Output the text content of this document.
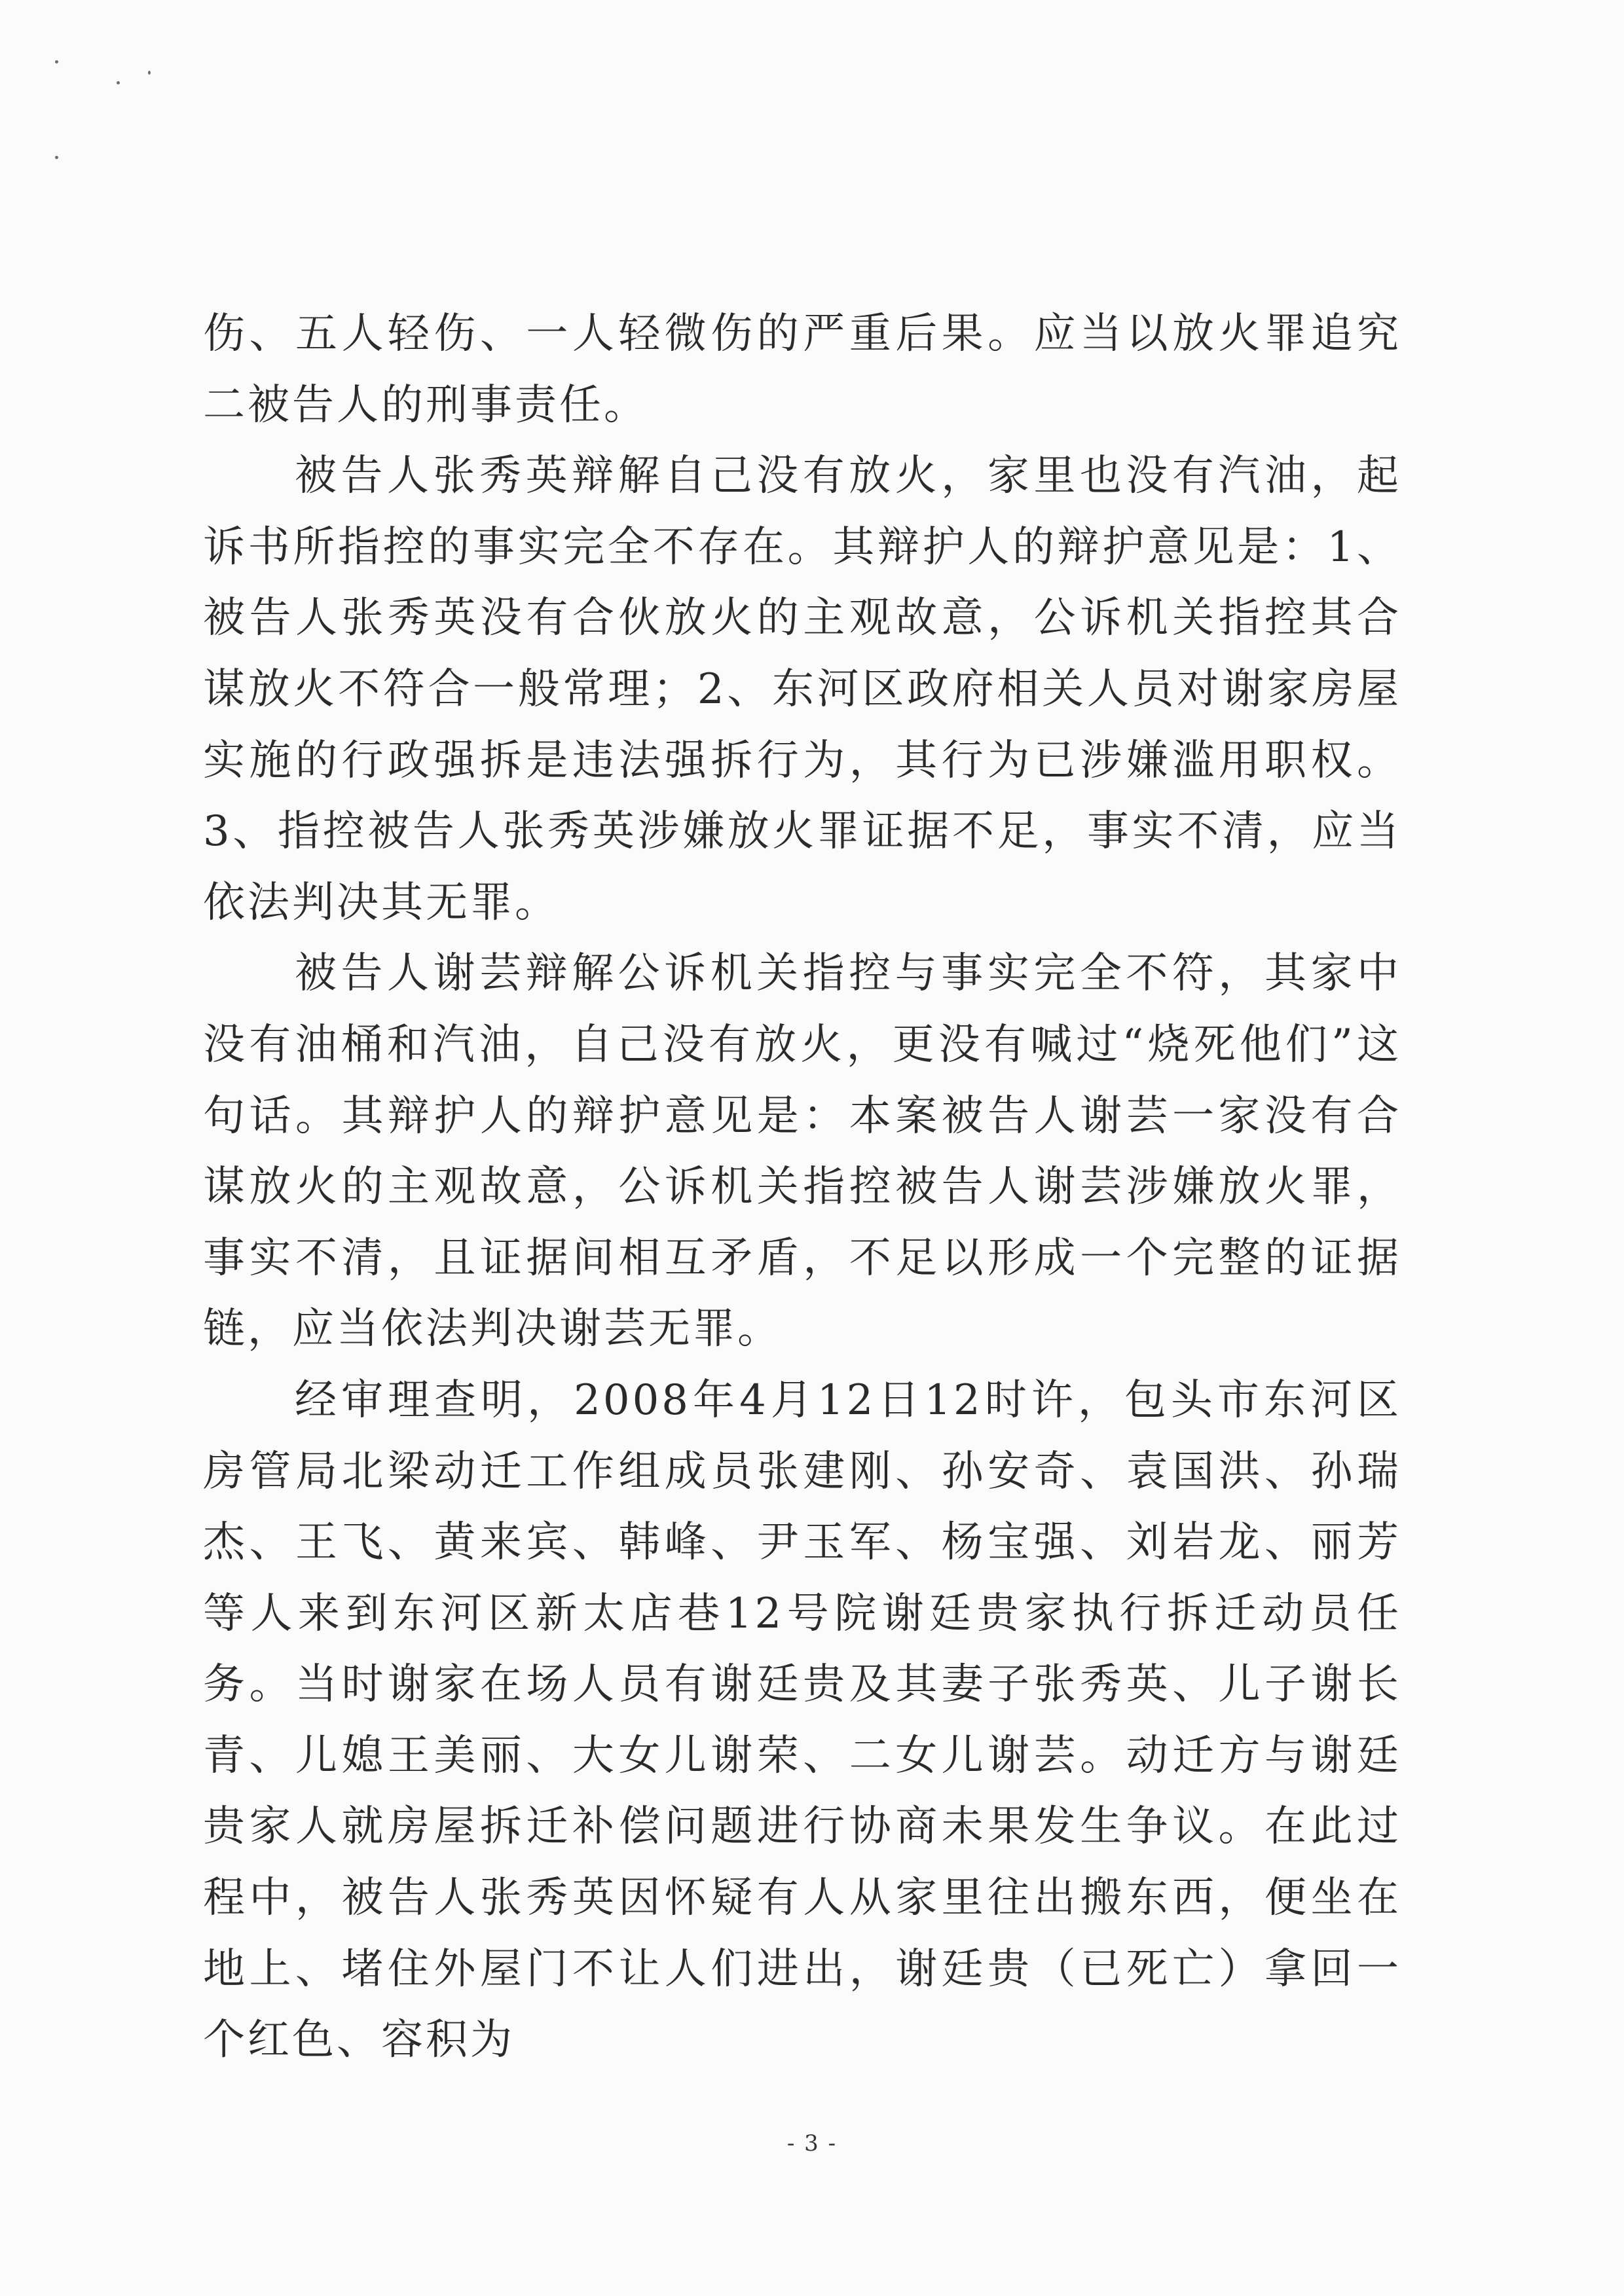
伤、五人轻伤、一人轻微伤的严重后果。应当以放火罪追究二被告人的刑事责任。

被告人张秀英辩解自己没有放火，家里也没有汽油，起诉书所指控的事实完全不存在。其辩护人的辩护意见是：1、被告人张秀英没有合伙放火的主观故意，公诉机关指控其合谋放火不符合一般常理；2、东河区政府相关人员对谢家房屋实施的行政强拆是违法强拆行为，其行为已涉嫌滥用职权。3、指控被告人张秀英涉嫌放火罪证据不足，事实不清，应当依法判决其无罪。

被告人谢芸辩解公诉机关指控与事实完全不符，其家中没有油桶和汽油，自己没有放火，更没有喊过“烧死他们”这句话。其辩护人的辩护意见是：本案被告人谢芸一家没有合谋放火的主观故意，公诉机关指控被告人谢芸涉嫌放火罪，事实不清，且证据间相互矛盾，不足以形成一个完整的证据链，应当依法判决谢芸无罪。

经审理查明，2008年4月12日12时许，包头市东河区房管局北梁动迁工作组成员张建刚、孙安奇、袁国洪、孙瑞杰、王飞、黄来宾、韩峰、尹玉军、杨宝强、刘岩龙、丽芳等人来到东河区新太店巷12号院谢廷贵家执行拆迁动员任务。当时谢家在场人员有谢廷贵及其妻子张秀英、儿子谢长青、儿媳王美丽、大女儿谢荣、二女儿谢芸。动迁方与谢廷贵家人就房屋拆迁补偿问题进行协商未果发生争议。在此过程中，被告人张秀英因怀疑有人从家里往出搬东西，便坐在地上、堵住外屋门不让人们进出，谢廷贵（已死亡）拿回一个红色、容积为

- 3 -
